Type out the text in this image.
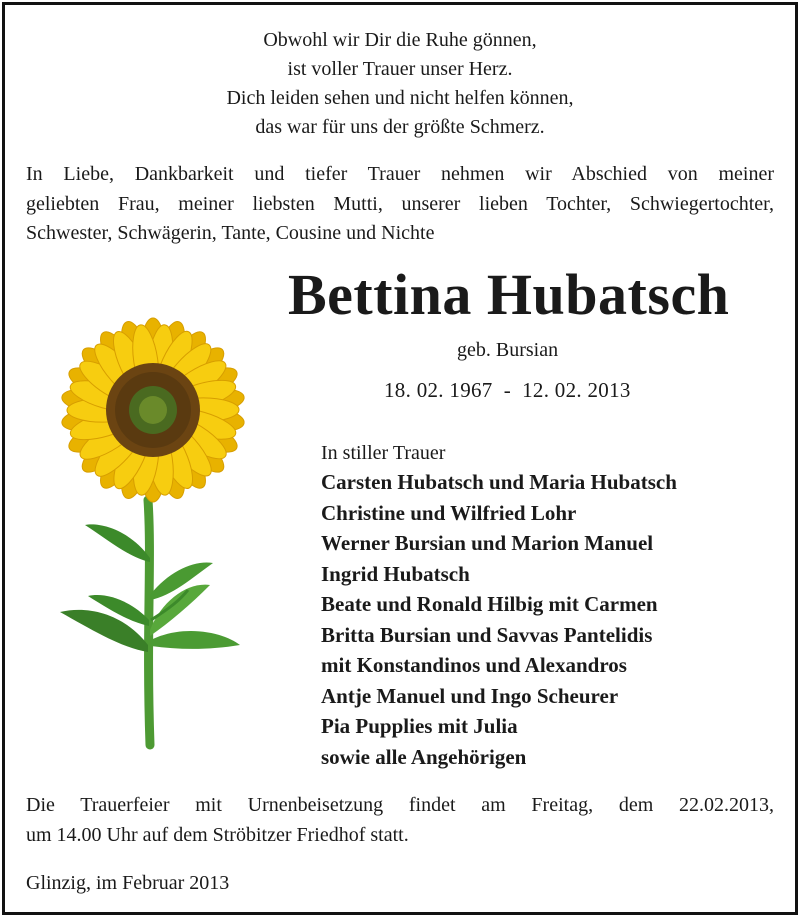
Obwohl wir Dir die Ruhe gönnen,
ist voller Trauer unser Herz.
Dich leiden sehen und nicht helfen können,
das war für uns der größte Schmerz.
In Liebe, Dankbarkeit und tiefer Trauer nehmen wir Abschied von meiner
geliebten Frau, meiner liebsten Mutti, unserer lieben Tochter, Schwiegertochter,
Schwester, Schwägerin, Tante, Cousine und Nichte
Bettina Hubatsch
geb. Bursian
18. 02. 1967  -  12. 02. 2013
In stiller Trauer
Carsten Hubatsch und Maria Hubatsch
Christine und Wilfried Lohr
Werner Bursian und Marion Manuel
Ingrid Hubatsch
Beate und Ronald Hilbig mit Carmen
Britta Bursian und Savvas Pantelidis
mit Konstandinos und Alexandros
Antje Manuel und Ingo Scheurer
Pia Pupplies mit Julia
sowie alle Angehörigen
Die Trauerfeier mit Urnenbeisetzung findet am Freitag, dem 22.02.2013,
um 14.00 Uhr auf dem Ströbitzer Friedhof statt.
Glinzig, im Februar 2013
